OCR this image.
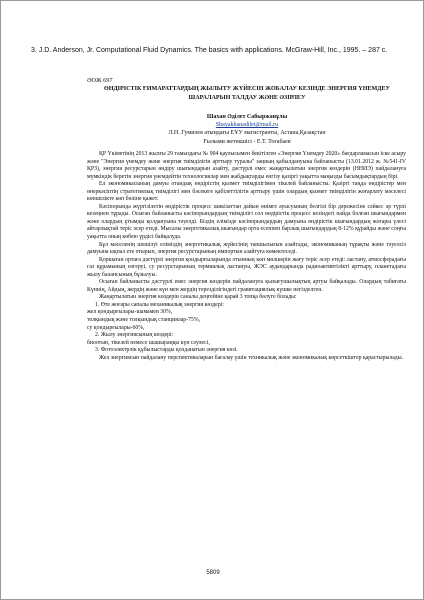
3. J.D. Anderson, Jr. Computational Fluid Dynamics. The basics with applications. McGraw-Hill, Inc., 1995. – 287 с.
ӘОЖ 697
ӨНДІРІСТІК ҒИМАРАТТАРДЫҢ ЖЫЛЫТУ ЖҮЙЕСІН ЖОБАЛАУ КЕЗІНДЕ ЭНЕРГИЯ ҮНЕМДЕУ ШАРАЛАРЫН ТАЛДАУ ЖӘНЕ ӘЗІРЛЕУ
Шахан Әділет Сабыржанұлы
Shayakhanadilet@mail.ru
Л.Н. Гумилев атындағы ЕҰУ магистранты, Астана,Қазақстан
Ғылыми жетекшісі - Е.Т. Тоғабаев

ҚР Үкіметінің 2013 жылғы 29 тамыздағы № 904 қаулысымен бекітілген «Энергия Үнемдеу 2020» бағдарламасын іске асыру және "Энергия үнемдеу және энергия тиімділігін арттыру туралы" заңның қабылдануына байланысты (13.01.2012 ж. №541-IV ҚРЗ), энергия ресурстарын өндіру шығындарын азайту, дәстүрлі емес жаңартылатын энергия көздерін (ННИЭ) пайдалануға мүмкіндік беретін энергия үнемдейтін технологиялар мен жабдықтарды енгізу қазіргі уақытта маңызды басымдықтардың бірі.

Ел экономикасының дамуы отандық өндірістің қызмет тиімділігімен тікелей байланысты. Қазіргі таңда өндірістер мен өнеркәсіптің стратегиялық тиімділігі мен бәсекеге қабілеттілігін арттыру үшін олардың қызмет тиімділігін жоғарлату мәселесі көпшілікте көп бөліне қажет.

Кәсіпорында жүргізілетін өндірістік процесс шикізаттан дайын өнімге ауысуының белгілі бір дәрежесіне сәйкес әр түрлі кезеңнен тұрады. Осыған байланысты кәсіпорындардың тиімділігі сол өндірістік процесс кезіндегі пайда болған шығындармен және олардың ұтымды қолдануына тәуелді. Біздің елімізде кәсіпорындардың дамуына өндірістік шығындардың жоғары үлесі айтарлықтай теріс әсер етеді. Мысалы энергетикалық шығындар орта есеппен барлық шығындардың 8-12% құрайды және соңғы уақытта оның көбею үрдісі байқалуда.

Бұл мәселенің шешілуі еліміздің энергетикалық жүйесінің тапшылығын азайтады, экономиканың тұрақты және тәуелсіз дамуына ықпал ете отырып, энергия ресурстарының импортын азайтуға көмектеседі.

Қоршаған ортаға дәстүрлі энергия қондырғыларында отынның көп мөлшерін жағу теріс әсер етеді: ластану, атмосферадағы газ құрамының өзгеруі, су ресурстарының термиялық ластануы, ЖЭС аудандарында радиоактивтілікті арттыру, планетадағы жылу балансының бұзылуы.

Осыған байланысты дәстүрлі емес энергия көздерін пайдалануға қызығушылықтың артуы байқалады. Олардың табиғаты Күннің, Айдың, жердің және күн мен жердің терезділігіндегі гравитациялық күшке негізделген.

Жаңартылатын энергия көздерін саналы деңгейіне қарай 3 топқа бөлуге болады:

1. Өте жоғары сапалы механикалық энергия көздері:

жел қондырғылары-шамамен 30%,

толқындық және толқындық станциялар-75%,

су қондырғылары-60%,

2. Жылу энергиясының көздері:

биоотын, тікелей немесе шашыраңқы күн сәулесі,

3. Фотоэлектрлік құбылыстарды қолданатын энергия көзі.

Жел энергиясын пайдалану перспективаларын бағалау үшін техникалық және экономикалық көрсеткіштер қарастырылады.

5809
